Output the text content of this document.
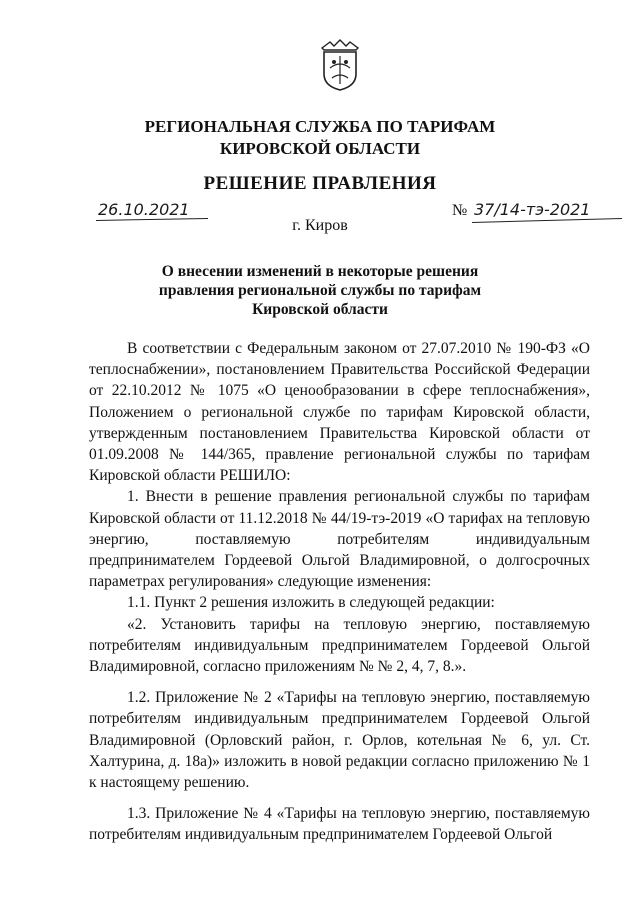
РЕГИОНАЛЬНАЯ СЛУЖБА ПО ТАРИФАМ
КИРОВСКОЙ ОБЛАСТИ
РЕШЕНИЕ ПРАВЛЕНИЯ
26.10.2021	№ 37/14-тэ-2021
г. Киров
О внесении изменений в некоторые решения
правления региональной службы по тарифам
Кировской области

В соответствии с Федеральным законом от 27.07.2010 № 190-ФЗ «О теплоснабжении», постановлением Правительства Российской Федерации от 22.10.2012 № 1075 «О ценообразовании в сфере теплоснабжения», Положением о региональной службе по тарифам Кировской области, утвержденным постановлением Правительства Кировской области от 01.09.2008 № 144/365, правление региональной службы по тарифам Кировской области РЕШИЛО:

1. Внести в решение правления региональной службы по тарифам Кировской области от 11.12.2018 № 44/19-тэ-2019 «О тарифах на тепловую энергию, поставляемую потребителям индивидуальным предпринимателем Гордеевой Ольгой Владимировной, о долгосрочных параметрах регулирования» следующие изменения:

1.1. Пункт 2 решения изложить в следующей редакции:

«2. Установить тарифы на тепловую энергию, поставляемую потребителям индивидуальным предпринимателем Гордеевой Ольгой Владимировной, согласно приложениям № № 2, 4, 7, 8.».

1.2. Приложение № 2 «Тарифы на тепловую энергию, поставляемую потребителям индивидуальным предпринимателем Гордеевой Ольгой Владимировной (Орловский район, г. Орлов, котельная № 6, ул. Ст. Халтурина, д. 18а)» изложить в новой редакции согласно приложению № 1 к настоящему решению.

1.3. Приложение № 4 «Тарифы на тепловую энергию, поставляемую потребителям индивидуальным предпринимателем Гордеевой Ольгой
